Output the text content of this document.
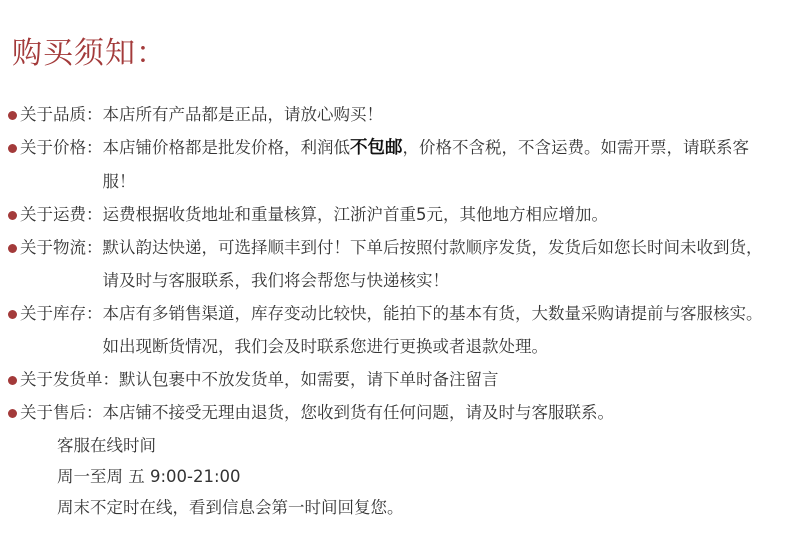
购买须知：
关于品质 ： 本店所有产品都是正品，请放心购买！
关于价格 ： 本店铺价格都是批发价格，利润低不包邮，价格不含税，不含运费。如需开票，请联系客服！
关于运费 ： 运费根据收货地址和重量核算，江浙沪首重5元，其他地方相应增加。
关于物流 ： 默认韵达快递，可选择顺丰到付！下单后按照付款顺序发货，发货后如您长时间未收到货，请及时与客服联系，我们将会帮您与快递核实！
关于库存 ： 本店有多销售渠道，库存变动比较快，能拍下的基本有货，大数量采购请提前与客服核实。如出现断货情况，我们会及时联系您进行更换或者退款处理。
关于发货单 ： 默认包裹中不放发货单，如需要，请下单时备注留言
关于售后 ： 本店铺不接受无理由退货，您收到货有任何问题，请及时与客服联系。
客服在线时间
周一至周 五 9:00-21:00
周末不定时在线，看到信息会第一时间回复您。
